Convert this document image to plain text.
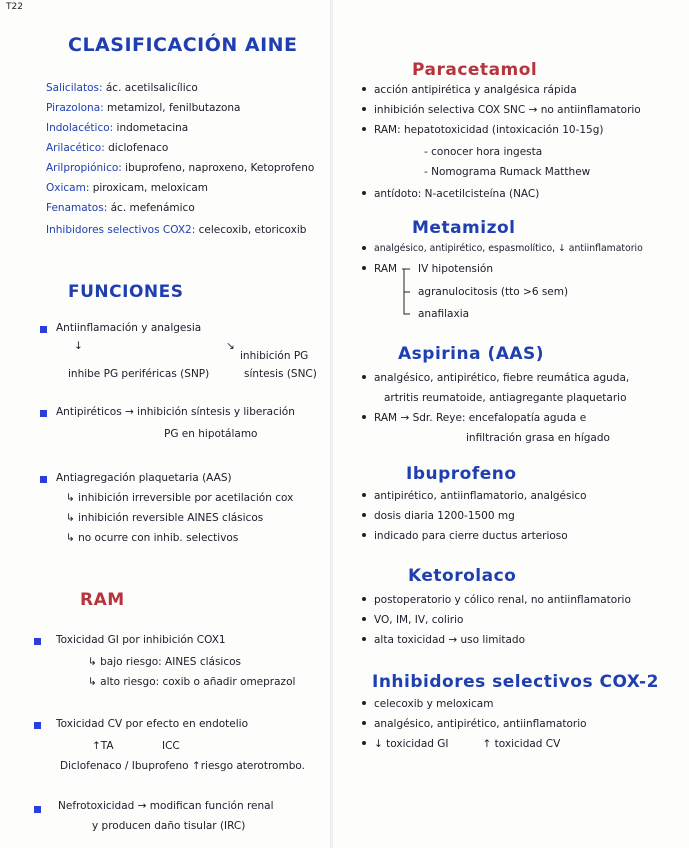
T22
CLASIFICACIÓN AINE
Salicilatos: ác. acetilsalicílico
Pirazolona: metamizol, fenilbutazona
Indolacético: indometacina
Arilacético: diclofenaco
Arilpropiónico: ibuprofeno, naproxeno, Ketoprofeno
Oxicam: piroxicam, meloxicam
Fenamatos: ác. mefenámico
Inhibidores selectivos COX2: celecoxib, etoricoxib
FUNCIONES
Antiinflamación y analgesia
↓	↘
inhibición PG
inhibe PG periféricas (SNP)	síntesis (SNC)
Antipiréticos → inhibición síntesis y liberación
PG en hipotálamo
Antiagregación plaquetaria (AAS)
↳ inhibición irreversible por acetilación cox
↳ inhibición reversible AINES clásicos
↳ no ocurre con inhib. selectivos
RAM
Toxicidad GI por inhibición COX1
↳ bajo riesgo: AINES clásicos
↳ alto riesgo: coxib o añadir omeprazol
Toxicidad CV por efecto en endotelio
↑TA	ICC
Diclofenaco / Ibuprofeno ↑riesgo aterotrombo.
Nefrotoxicidad → modifican función renal
y producen daño tisular (IRC)
Paracetamol
acción antipirética y analgésica rápida
inhibición selectiva COX SNC → no antiinflamatorio
RAM: hepatotoxicidad (intoxicación 10-15g)
- conocer hora ingesta
- Nomograma Rumack Matthew
antídoto: N-acetilcisteína (NAC)
Metamizol
analgésico, antipirético, espasmolítico, ↓ antiinflamatorio
RAM IV hipotensión
agranulocitosis (tto >6 sem)
anafilaxia
Aspirina (AAS)
analgésico, antipirético, fiebre reumática aguda,
artritis reumatoide, antiagregante plaquetario
RAM → Sdr. Reye: encefalopatía aguda e
infiltración grasa en hígado
Ibuprofeno
antipirético, antiinflamatorio, analgésico
dosis diaria 1200-1500 mg
indicado para cierre ductus arterioso
Ketorolaco
postoperatorio y cólico renal, no antiinflamatorio
VO, IM, IV, colirio
alta toxicidad → uso limitado
Inhibidores selectivos COX-2
celecoxib y meloxicam
analgésico, antipirético, antiinflamatorio
↓ toxicidad GI	↑ toxicidad CV
